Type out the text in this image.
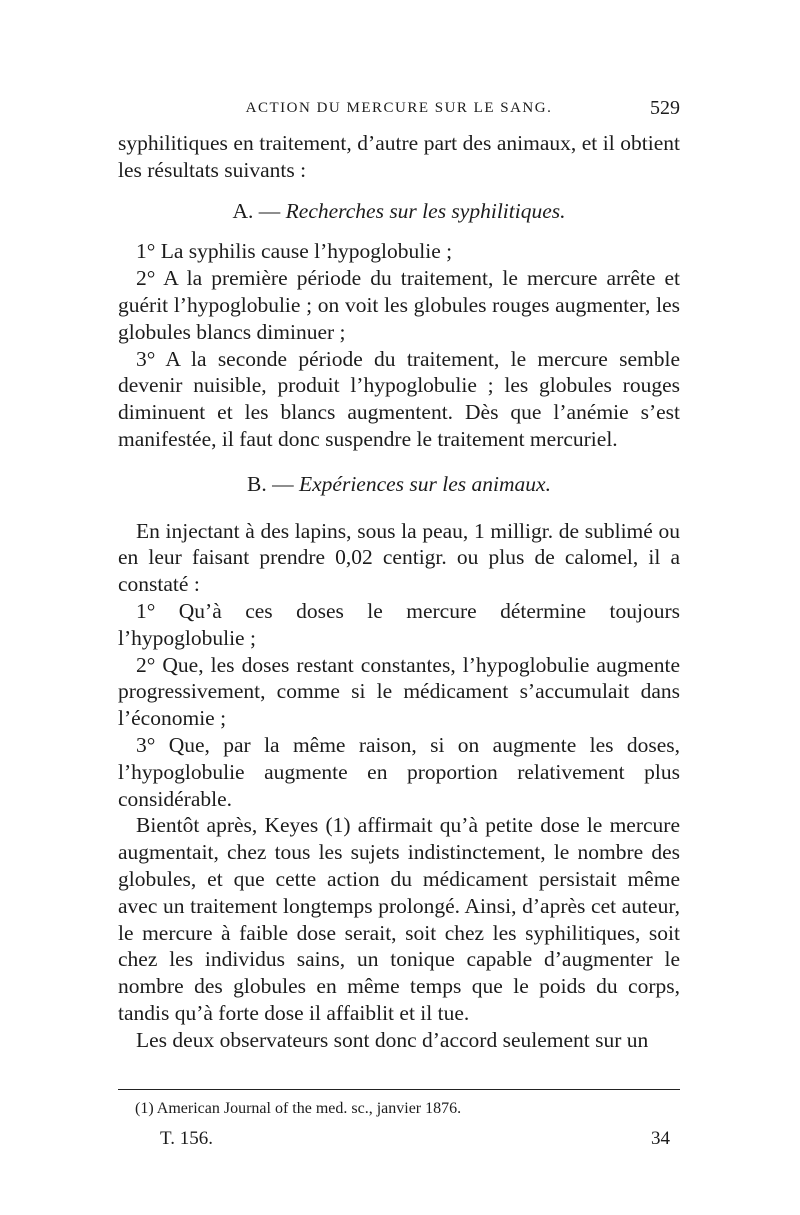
ACTION DU MERCURE SUR LE SANG.	529

syphilitiques en traitement, d’autre part des animaux, et il obtient les résultats suivants :

A. — Recherches sur les syphilitiques.

1° La syphilis cause l’hypoglobulie ;

2° A la première période du traitement, le mercure arrête et guérit l’hypoglobulie ; on voit les globules rouges augmenter, les globules blancs diminuer ;

3° A la seconde période du traitement, le mercure semble devenir nuisible, produit l’hypoglobulie ; les globules rouges diminuent et les blancs augmentent. Dès que l’anémie s’est manifestée, il faut donc suspendre le traitement mercuriel.

B. — Expériences sur les animaux.

En injectant à des lapins, sous la peau, 1 milligr. de sublimé ou en leur faisant prendre 0,02 centigr. ou plus de calomel, il a constaté :

1° Qu’à ces doses le mercure détermine toujours l’hypoglobulie ;

2° Que, les doses restant constantes, l’hypoglobulie augmente progressivement, comme si le médicament s’accumulait dans l’économie ;

3° Que, par la même raison, si on augmente les doses, l’hypoglobulie augmente en proportion relativement plus considérable.

Bientôt après, Keyes (1) affirmait qu’à petite dose le mercure augmentait, chez tous les sujets indistinctement, le nombre des globules, et que cette action du médicament persistait même avec un traitement longtemps prolongé. Ainsi, d’après cet auteur, le mercure à faible dose serait, soit chez les syphilitiques, soit chez les individus sains, un tonique capable d’augmenter le nombre des globules en même temps que le poids du corps, tandis qu’à forte dose il affaiblit et il tue.

Les deux observateurs sont donc d’accord seulement sur un

(1) American Journal of the med. sc., janvier 1876.
T. 156.	34
